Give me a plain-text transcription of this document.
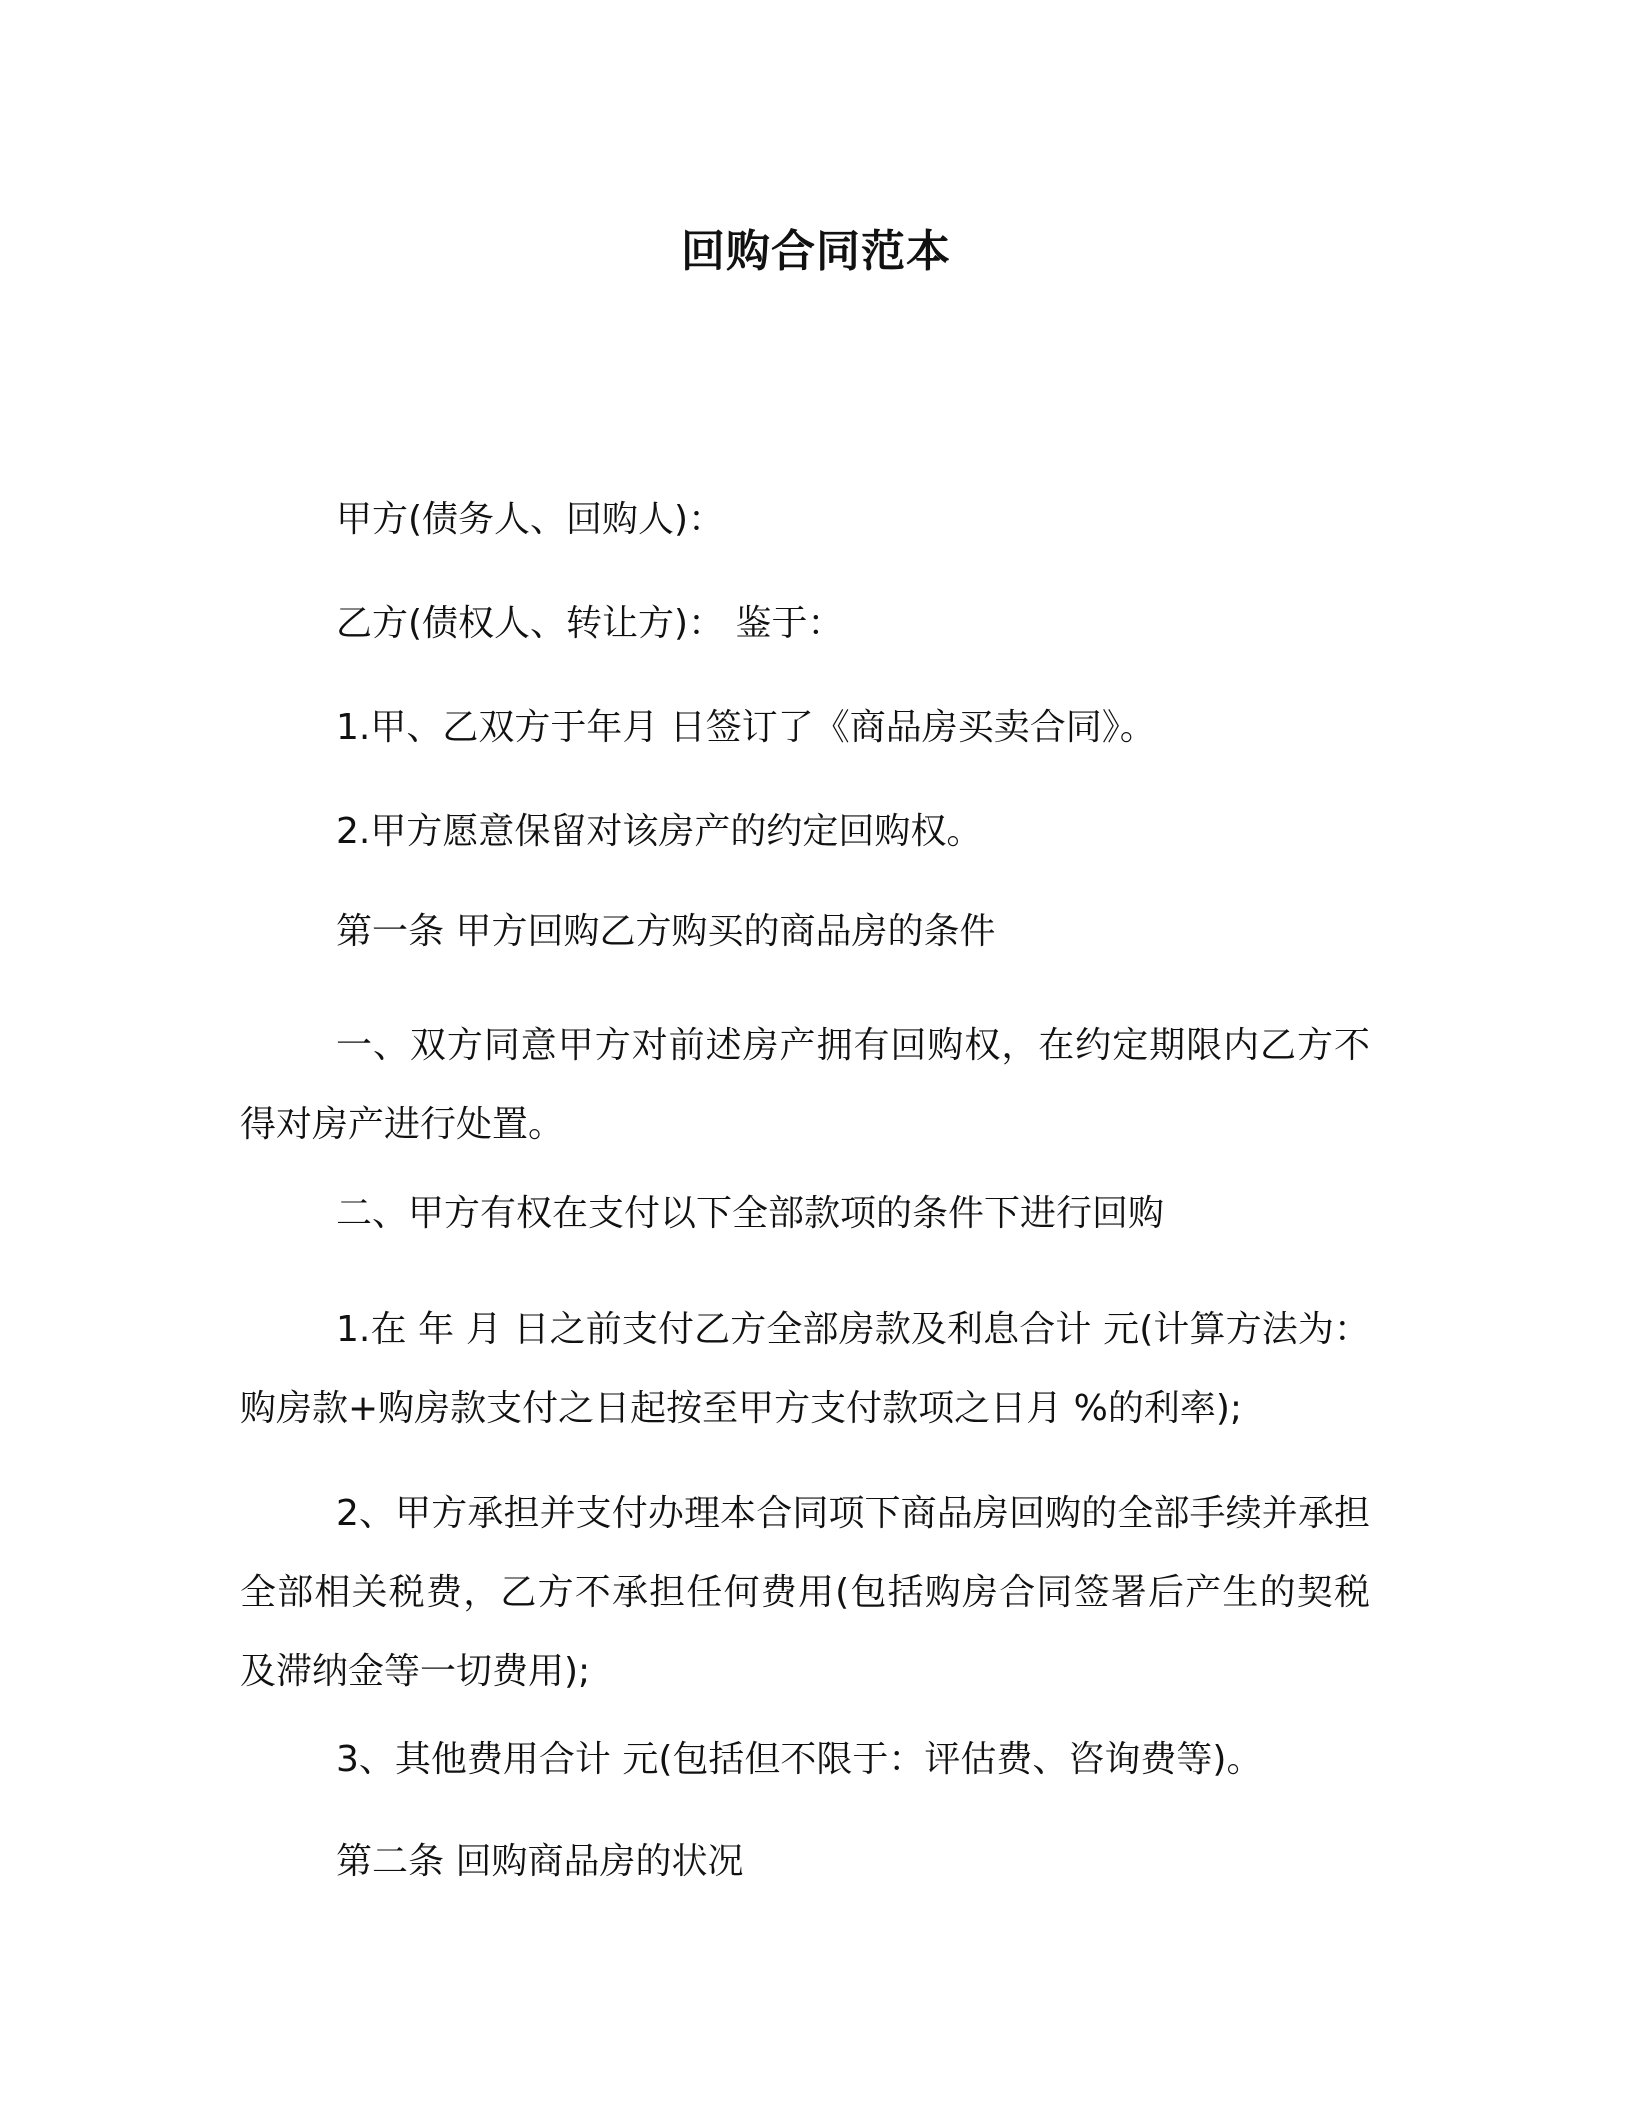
回购合同范本
甲方(债务人、回购人)：
乙方(债权人、转让方)： 鉴于：
1.甲、乙双方于年月 日签订了《商品房买卖合同》。
2.甲方愿意保留对该房产的约定回购权。
第一条 甲方回购乙方购买的商品房的条件
一、双方同意甲方对前述房产拥有回购权，在约定期限内乙方不得对房产进行处置。
二、甲方有权在支付以下全部款项的条件下进行回购
1.在 年 月 日之前支付乙方全部房款及利息合计 元(计算方法为：购房款+购房款支付之日起按至甲方支付款项之日月 %的利率);
2、甲方承担并支付办理本合同项下商品房回购的全部手续并承担全部相关税费，乙方不承担任何费用(包括购房合同签署后产生的契税及滞纳金等一切费用);
3、其他费用合计 元(包括但不限于：评估费、咨询费等)。
第二条 回购商品房的状况
